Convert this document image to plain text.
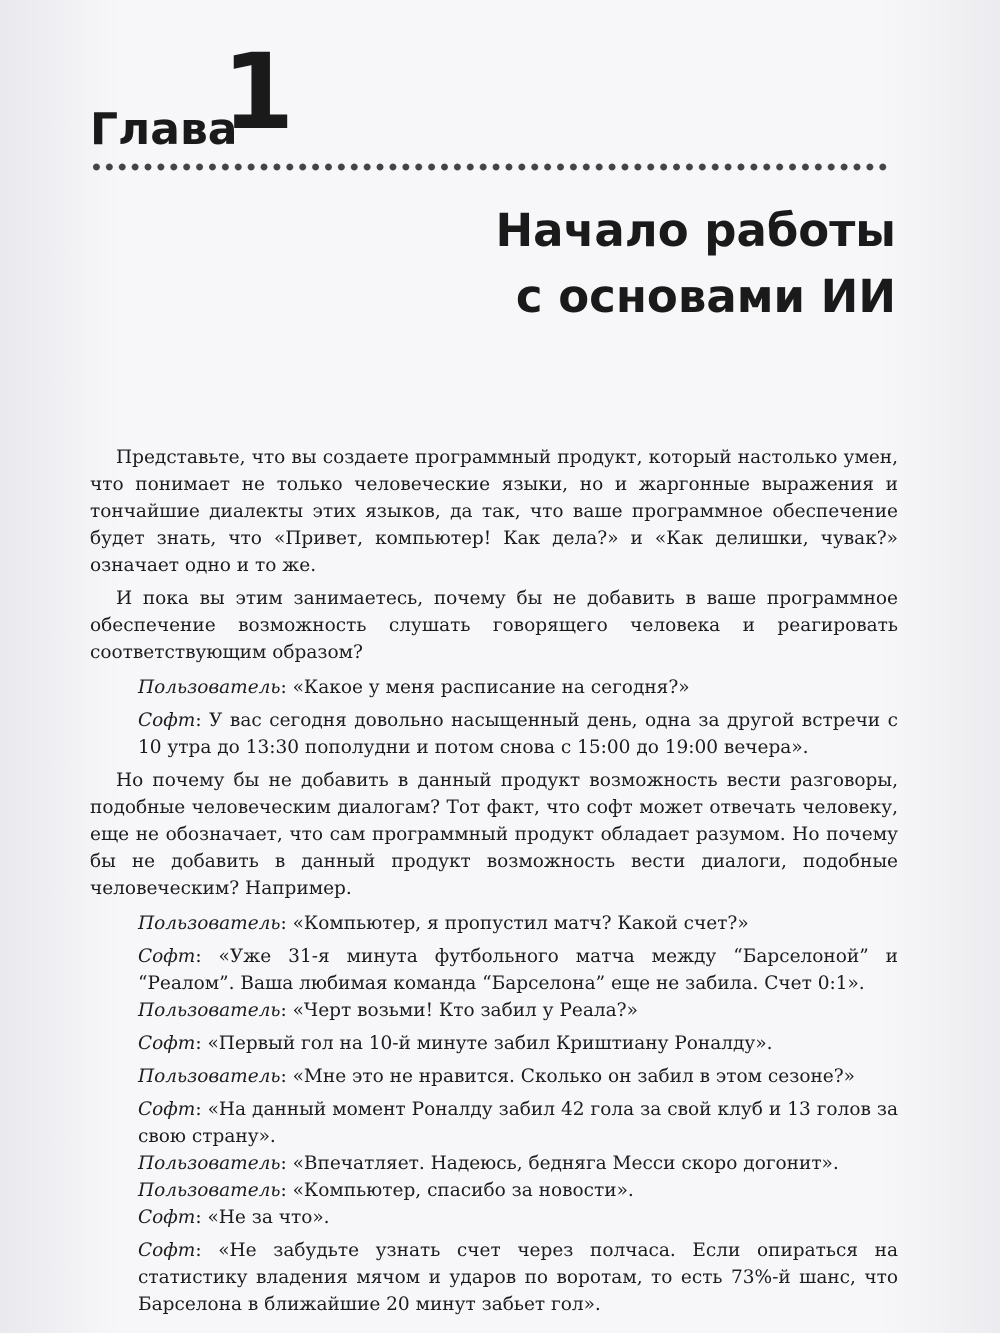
Глава
1
Начало работы
с основами ИИ

Представьте, что вы создаете программный продукт, который настолько умен, что понимает не только человеческие языки, но и жаргонные выражения и тончайшие диалекты этих языков, да так, что ваше программное обеспечение будет знать, что «Привет, компьютер! Как дела?» и «Как делишки, чувак?» означает одно и то же.

И пока вы этим занимаетесь, почему бы не добавить в ваше программное обеспечение возможность слушать говорящего человека и реагировать соответствующим образом?

Пользователь: «Какое у меня расписание на сегодня?»

Софт: У вас сегодня довольно насыщенный день, одна за другой встречи с 10 утра до 13:30 пополудни и потом снова с 15:00 до 19:00 вечера».

Но почему бы не добавить в данный продукт возможность вести разговоры, подобные человеческим диалогам? Тот факт, что софт может отвечать человеку, еще не обозначает, что сам программный продукт обладает разумом. Но почему бы не добавить в данный продукт возможность вести диалоги, подобные человеческим? Например.

Пользователь: «Компьютер, я пропустил матч? Какой счет?»

Софт: «Уже 31-я минута футбольного матча между “Барселоной” и “Реалом”. Ваша любимая команда “Барселона” еще не забила. Счет 0:1».

Пользователь: «Черт возьми! Кто забил у Реала?»

Софт: «Первый гол на 10-й минуте забил Криштиану Роналду».

Пользователь: «Мне это не нравится. Сколько он забил в этом сезоне?»

Софт: «На данный момент Роналду забил 42 гола за свой клуб и 13 голов за свою страну».

Пользователь: «Впечатляет. Надеюсь, бедняга Месси скоро догонит».

Пользователь: «Компьютер, спасибо за новости».

Софт: «Не за что».

Софт: «Не забудьте узнать счет через полчаса. Если опираться на статистику владения мячом и ударов по воротам, то есть 73%-й шанс, что Барселона в ближайшие 20 минут забьет гол».
